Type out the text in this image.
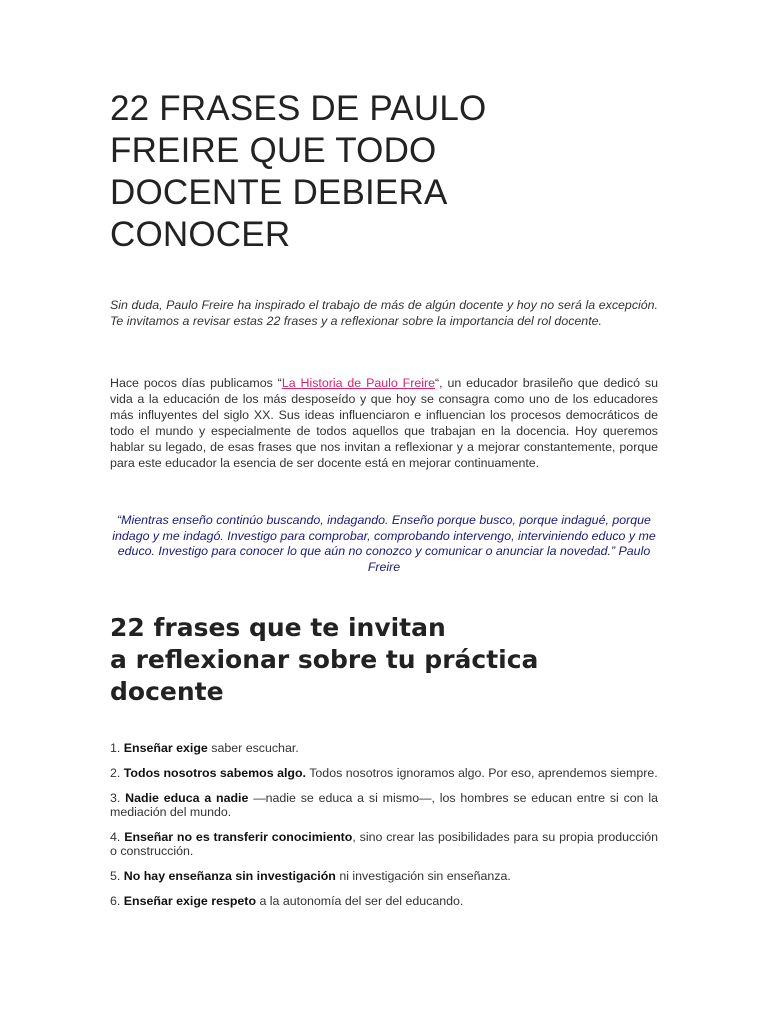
22 FRASES DE PAULO
FREIRE QUE TODO
DOCENTE DEBIERA
CONOCER

Sin duda, Paulo Freire ha inspirado el trabajo de más de algún docente y hoy no será la excepción. Te invitamos a revisar estas 22 frases y a reflexionar sobre la importancia del rol docente.

Hace pocos días publicamos “La Historia de Paulo Freire“, un educador brasileño que dedicó su vida a la educación de los más desposeído y que hoy se consagra como uno de los educadores más influyentes del siglo XX. Sus ideas influenciaron e influencian los procesos democráticos de todo el mundo y especialmente de todos aquellos que trabajan en la docencia. Hoy queremos hablar su legado, de esas frases que nos invitan a reflexionar y a mejorar constantemente, porque para este educador la esencia de ser docente está en mejorar continuamente.

“Mientras enseño continúo buscando, indagando. Enseño porque busco, porque indagué, porque indago y me indagó. Investigo para comprobar, comprobando intervengo, interviniendo educo y me educo. Investigo para conocer lo que aún no conozco y comunicar o anunciar la novedad.” Paulo Freire

22 frases que te invitan
a reflexionar sobre tu práctica
docente
1. Enseñar exige saber escuchar.
2. Todos nosotros sabemos algo. Todos nosotros ignoramos algo. Por eso, aprendemos siempre.
3. Nadie educa a nadie —nadie se educa a si mismo—, los hombres se educan entre si con la mediación del mundo.
4. Enseñar no es transferir conocimiento, sino crear las posibilidades para su propia producción o construcción.
5. No hay enseñanza sin investigación ni investigación sin enseñanza.
6. Enseñar exige respeto a la autonomía del ser del educando.
